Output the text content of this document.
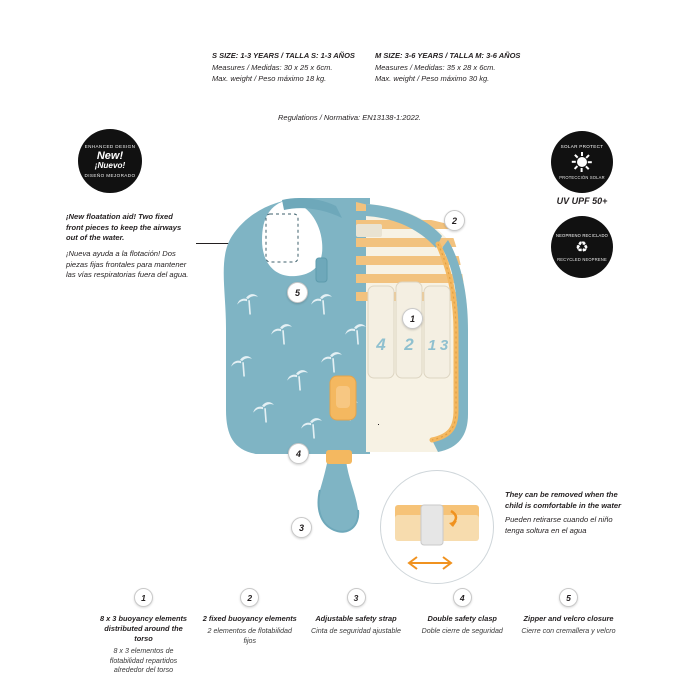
S SIZE: 1-3 YEARS / TALLA S: 1-3 AÑOS
Measures / Medidas: 30 x 25 x 6cm.
Max. weight / Peso máximo 18 kg.
M SIZE: 3-6 YEARS / TALLA M: 3-6 AÑOS
Measures / Medidas: 35 x 28 x 6cm.
Max. weight / Peso máximo 30 kg.
Regulations / Normativa: EN13138-1:2022.
ENHANCED DESIGN
New!
¡Nuevo!
DISEÑO MEJORADO
SOLAR PROTECT
PROTECCIÓN SOLAR
UV UPF 50+
NEOPRENO RECICLADO
♻
RECYCLED NEOPRENE
¡New floatation aid! Two fixed front pieces to keep the airways out of the water.
¡Nueva ayuda a la flotación! Dos piezas fijas frontales para mantener las vías respiratorias fuera del agua.
4 2 1 3
1
2
3
4
5
They can be removed when the child is comfortable in the water
Pueden retirarse cuando el niño tenga soltura en el agua
1
8 x 3 buoyancy elements distributed around the torso
8 x 3 elementos de flotabilidad repartidos alrededor del torso
2
2 fixed buoyancy elements
2 elementos de flotabilidad fijos
3
Adjustable safety strap
Cinta de seguridad ajustable
4
Double safety clasp
Doble cierre de seguridad
5
Zipper and velcro closure
Cierre con cremallera y velcro
